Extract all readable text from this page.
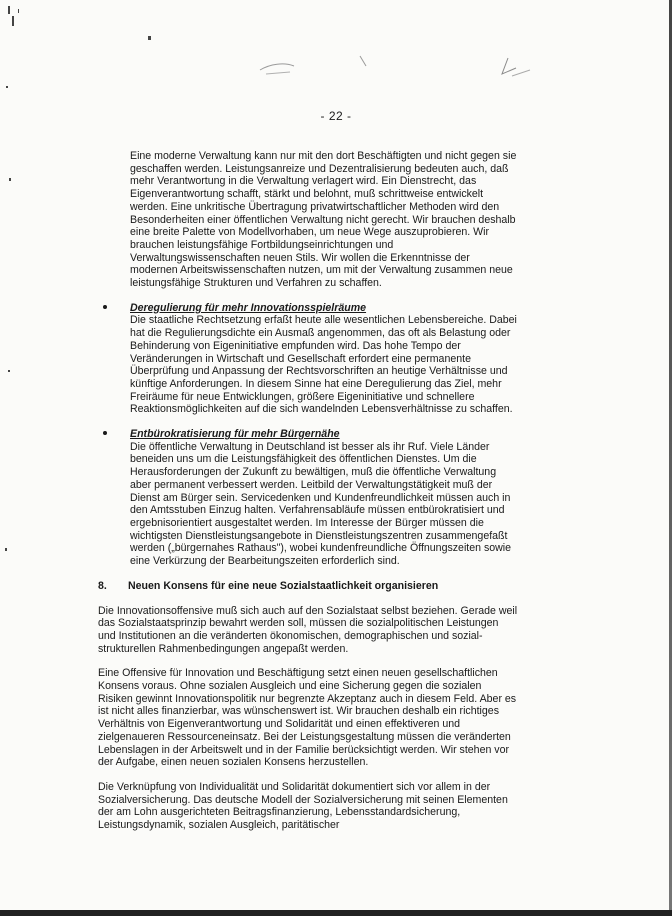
- 22 -

Eine moderne Verwaltung kann nur mit den dort Beschäftigten und nicht gegen sie geschaffen werden. Leistungsanreize und Dezentralisierung bedeuten auch, daß mehr Verantwortung in die Verwaltung verlagert wird. Ein Dienstrecht, das Eigenverantwortung schafft, stärkt und belohnt, muß schrittweise entwickelt werden. Eine unkritische Übertragung privatwirtschaftlicher Methoden wird den Besonderheiten einer öffentlichen Verwaltung nicht gerecht. Wir brauchen deshalb eine breite Palette von Modellvorhaben, um neue Wege auszuprobieren. Wir brauchen leistungsfähige Fortbildungseinrichtungen und Verwaltungswissenschaften neuen Stils. Wir wollen die Erkenntnisse der modernen Arbeitswissenschaften nutzen, um mit der Verwaltung zusammen neue leistungsfähige Strukturen und Verfahren zu schaffen.

Deregulierung für mehr Innovationsspielräume
Die staatliche Rechtsetzung erfaßt heute alle wesentlichen Lebensbereiche. Dabei hat die Regulierungsdichte ein Ausmaß angenommen, das oft als Belastung oder Behinderung von Eigeninitiative empfunden wird. Das hohe Tempo der Veränderungen in Wirtschaft und Gesellschaft erfordert eine permanente Überprüfung und Anpassung der Rechtsvorschriften an heutige Verhältnisse und künftige Anforderungen. In diesem Sinne hat eine Deregulierung das Ziel, mehr Freiräume für neue Entwicklungen, größere Eigeninitiative und schnellere Reaktionsmöglichkeiten auf die sich wandelnden Lebensverhältnisse zu schaffen.
Entbürokratisierung für mehr Bürgernähe
Die öffentliche Verwaltung in Deutschland ist besser als ihr Ruf. Viele Länder beneiden uns um die Leistungsfähigkeit des öffentlichen Dienstes. Um die Herausforderungen der Zukunft zu bewältigen, muß die öffentliche Verwaltung aber permanent verbessert werden. Leitbild der Verwaltungstätigkeit muß der Dienst am Bürger sein. Servicedenken und Kundenfreundlichkeit müssen auch in den Amtsstuben Einzug halten. Verfahrensabläufe müssen entbürokratisiert und ergebnisorientiert ausgestaltet werden. Im Interesse der Bürger müssen die wichtigsten Dienstleistungsangebote in Dienstleistungszentren zusammengefaßt werden („bürgernahes Rathaus"), wobei kundenfreundliche Öffnungszeiten sowie eine Verkürzung der Bearbeitungszeiten erforderlich sind.
8. Neuen Konsens für eine neue Sozialstaatlichkeit organisieren

Die Innovationsoffensive muß sich auch auf den Sozialstaat selbst beziehen. Gerade weil das Sozialstaatsprinzip bewahrt werden soll, müssen die sozialpolitischen Leistungen und Institutionen an die veränderten ökonomischen, demographischen und sozial-strukturellen Rahmenbedingungen angepaßt werden.

Eine Offensive für Innovation und Beschäftigung setzt einen neuen gesellschaftlichen Konsens voraus. Ohne sozialen Ausgleich und eine Sicherung gegen die sozialen Risiken gewinnt Innovationspolitik nur begrenzte Akzeptanz auch in diesem Feld. Aber es ist nicht alles finanzierbar, was wünschenswert ist. Wir brauchen deshalb ein richtiges Verhältnis von Eigenverantwortung und Solidarität und einen effektiveren und zielgenaueren Ressourceneinsatz. Bei der Leistungsgestaltung müssen die veränderten Lebenslagen in der Arbeitswelt und in der Familie berücksichtigt werden. Wir stehen vor der Aufgabe, einen neuen sozialen Konsens herzustellen.

Die Verknüpfung von Individualität und Solidarität dokumentiert sich vor allem in der Sozialversicherung. Das deutsche Modell der Sozialversicherung mit seinen Elementen der am Lohn ausgerichteten Beitragsfinanzierung, Lebensstandardsicherung, Leistungsdynamik, sozialen Ausgleich, paritätischer
